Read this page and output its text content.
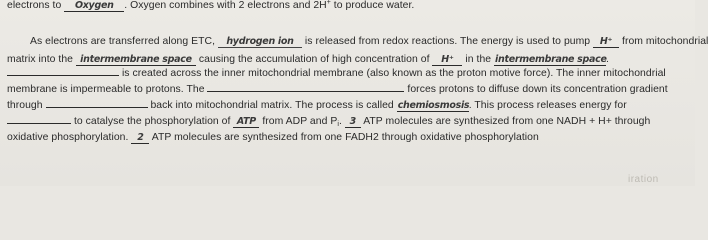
electrons to Oxygen . Oxygen combines with 2 electrons and 2H+ to produce water.
As electrons are transferred along ETC, hydrogen ion is released from redox reactions. The energy is used to pump H⁺ from mitochondrial
matrix into the intermembrane space causing the accumulation of high concentration of H⁺ in the intermembrane space.
is created across the inner mitochondrial membrane (also known as the proton motive force). The inner mitochondrial
membrane is impermeable to protons. The	forces protons to diffuse down its concentration gradient
through	back into mitochondrial matrix. The process is called chemiosmosis. This process releases energy for
to catalyse the phosphorylation of ATP from ADP and $P_i$. 3 ATP molecules are synthesized from one NADH + H+ through
oxidative phosphorylation. 2 ATP molecules are synthesized from one FADH2 through oxidative phosphorylation
iration
